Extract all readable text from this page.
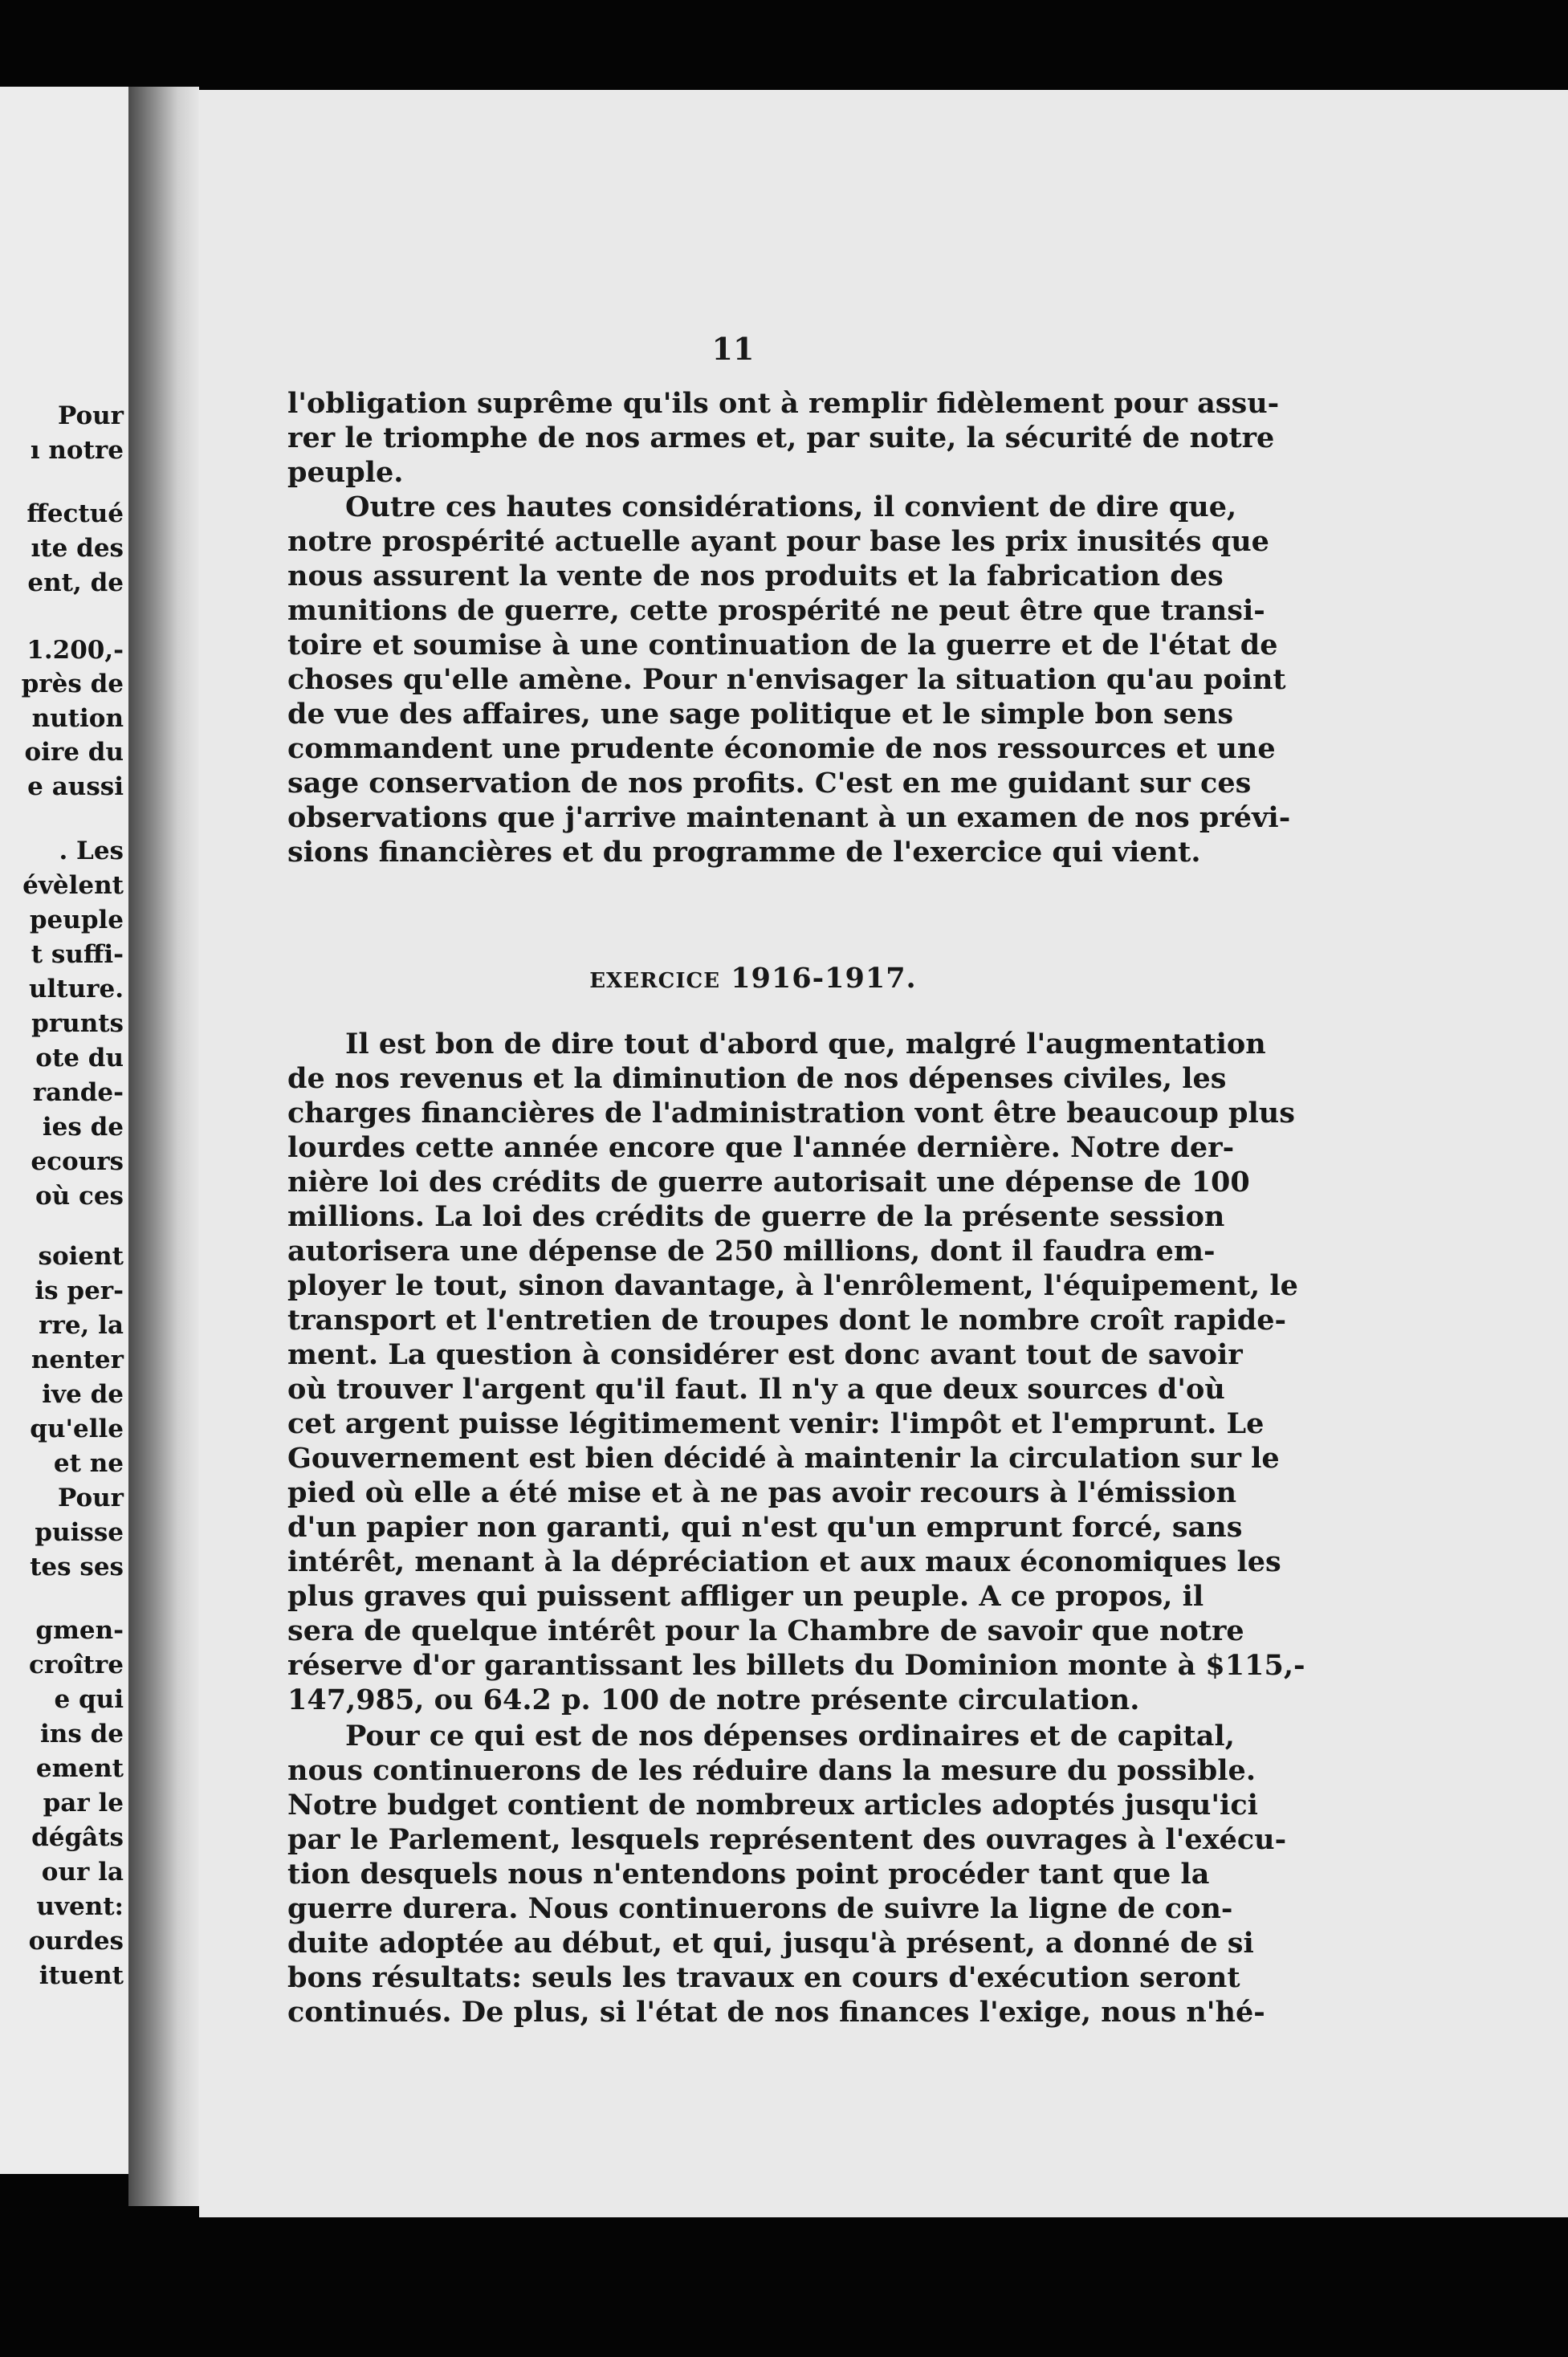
Pour
ı notre
ffectué
ıte des
ent, de
1.200,-
près de
nution
oire du
e aussi
. Les
évèlent
peuple
t suffi-
ulture.
prunts
ote du
rande-
ies de
ecours
où ces
soient
is per-
rre, la
nenter
ive de
qu'elle
et ne
Pour
puisse
tes ses
gmen-
croître
e qui
ins de
ement
par le
dégâts
our la
uvent:
ourdes
ituent
11
l'obligation suprême qu'ils ont à remplir fidèlement pour assu-
rer le triomphe de nos armes et, par suite, la sécurité de notre
peuple.
Outre ces hautes considérations, il convient de dire que,
notre prospérité actuelle ayant pour base les prix inusités que
nous assurent la vente de nos produits et la fabrication des
munitions de guerre, cette prospérité ne peut être que transi-
toire et soumise à une continuation de la guerre et de l'état de
choses qu'elle amène. Pour n'envisager la situation qu'au point
de vue des affaires, une sage politique et le simple bon sens
commandent une prudente économie de nos ressources et une
sage conservation de nos profits. C'est en me guidant sur ces
observations que j'arrive maintenant à un examen de nos prévi-
sions financières et du programme de l'exercice qui vient.
EXERCICE 1916-1917.
Il est bon de dire tout d'abord que, malgré l'augmentation
de nos revenus et la diminution de nos dépenses civiles, les
charges financières de l'administration vont être beaucoup plus
lourdes cette année encore que l'année dernière. Notre der-
nière loi des crédits de guerre autorisait une dépense de 100
millions. La loi des crédits de guerre de la présente session
autorisera une dépense de 250 millions, dont il faudra em-
ployer le tout, sinon davantage, à l'enrôlement, l'équipement, le
transport et l'entretien de troupes dont le nombre croît rapide-
ment. La question à considérer est donc avant tout de savoir
où trouver l'argent qu'il faut. Il n'y a que deux sources d'où
cet argent puisse légitimement venir: l'impôt et l'emprunt. Le
Gouvernement est bien décidé à maintenir la circulation sur le
pied où elle a été mise et à ne pas avoir recours à l'émission
d'un papier non garanti, qui n'est qu'un emprunt forcé, sans
intérêt, menant à la dépréciation et aux maux économiques les
plus graves qui puissent affliger un peuple. A ce propos, il
sera de quelque intérêt pour la Chambre de savoir que notre
réserve d'or garantissant les billets du Dominion monte à $115,-
147,985, ou 64.2 p. 100 de notre présente circulation.
Pour ce qui est de nos dépenses ordinaires et de capital,
nous continuerons de les réduire dans la mesure du possible.
Notre budget contient de nombreux articles adoptés jusqu'ici
par le Parlement, lesquels représentent des ouvrages à l'exécu-
tion desquels nous n'entendons point procéder tant que la
guerre durera. Nous continuerons de suivre la ligne de con-
duite adoptée au début, et qui, jusqu'à présent, a donné de si
bons résultats: seuls les travaux en cours d'exécution seront
continués. De plus, si l'état de nos finances l'exige, nous n'hé-
